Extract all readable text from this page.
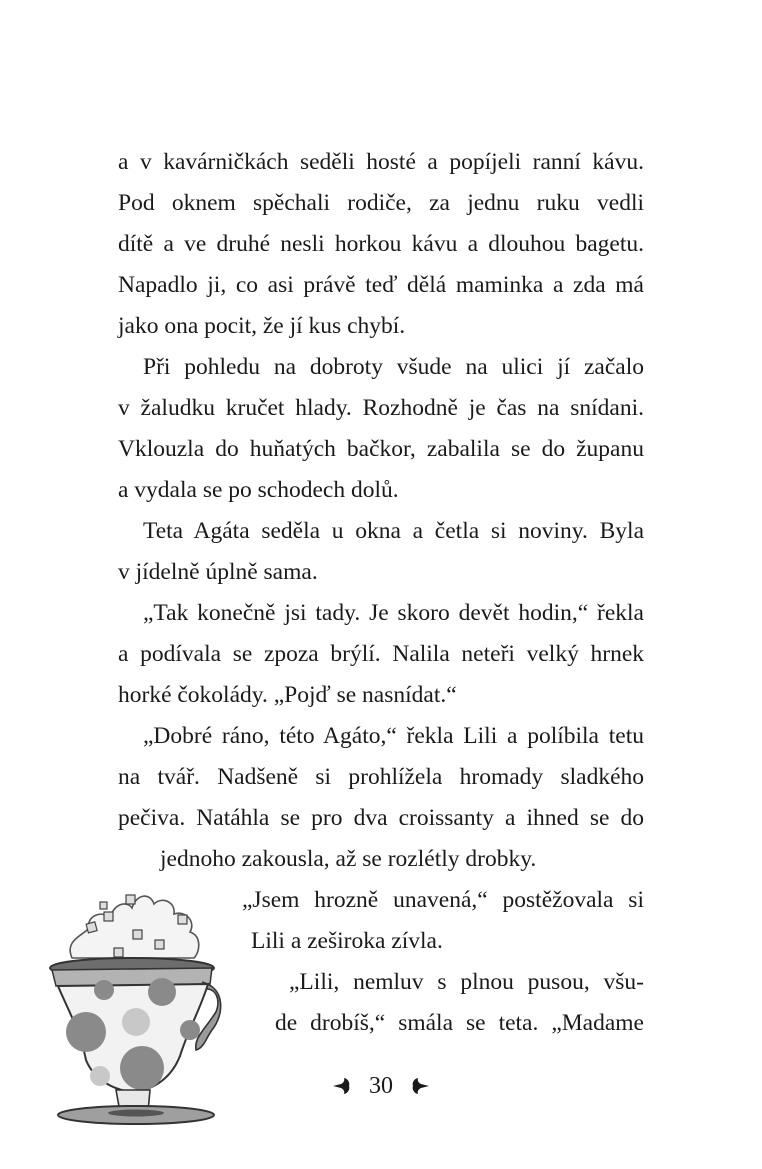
a v kavárničkách seděli hosté a popíjeli ranní kávu.
Pod oknem spěchali rodiče, za jednu ruku vedli
dítě a ve druhé nesli horkou kávu a dlouhou bagetu.
Napadlo ji, co asi právě teď dělá maminka a zda má
jako ona pocit, že jí kus chybí.
Při pohledu na dobroty všude na ulici jí začalo
v žaludku kručet hlady. Rozhodně je čas na snídani.
Vklouzla do huňatých bačkor, zabalila se do županu
a vydala se po schodech dolů.
Teta Agáta seděla u okna a četla si noviny. Byla
v jídelně úplně sama.
„Tak konečně jsi tady. Je skoro devět hodin,“ řekla
a podívala se zpoza brýlí. Nalila neteři velký hrnek
horké čokolády. „Pojď se nasnídat.“
„Dobré ráno, této Agáto,“ řekla Lili a políbila tetu
na tvář. Nadšeně si prohlížela hromady sladkého
pečiva. Natáhla se pro dva croissanty a ihned se do
jednoho zakousla, až se rozlétly drobky.
„Jsem hrozně unavená,“ postěžovala si
Lili a zeširoka zívla.
„Lili, nemluv s plnou pusou, všu-
de drobíš,“ smála se teta. „Madame
30
